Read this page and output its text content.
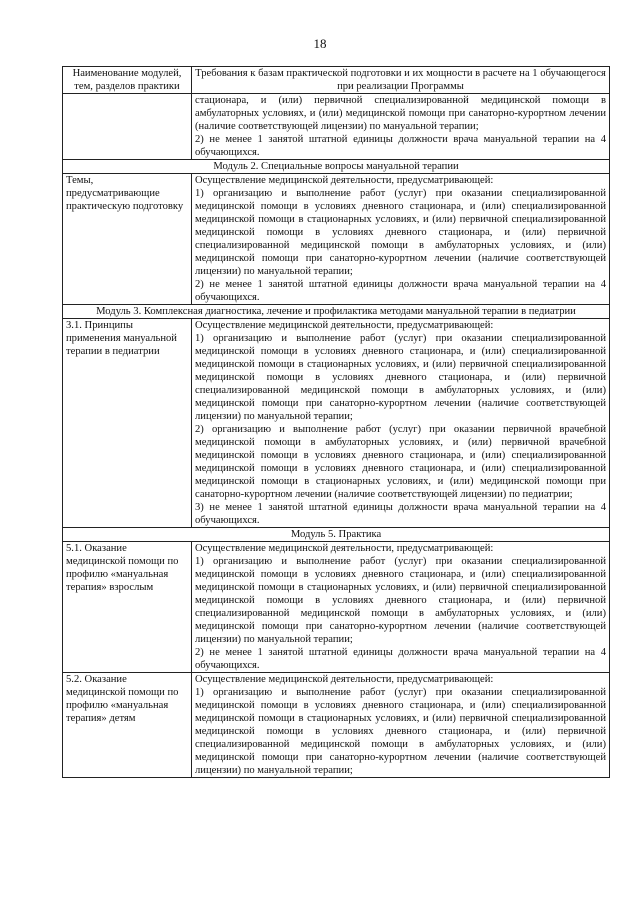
18
Наименование модулей, тем, разделов практики	Требования к базам практической подготовки и их мощности в расчете на 1 обучающегося при реализации Программы

	стационара, и (или) первичной специализированной медицинской помощи в амбулаторных условиях, и (или) медицинской помощи при санаторно-курортном лечении (наличие соответствующей лицензии) по мануальной терапии;

2) не менее 1 занятой штатной единицы должности врача мануальной терапии на 4 обучающихся.

Модуль 2. Специальные вопросы мануальной терапии	
Темы, предусматривающие практическую подготовку	Осуществление медицинской деятельности, предусматривающей:

1) организацию и выполнение работ (услуг) при оказании специализированной медицинской помощи в условиях дневного стационара, и (или) специализированной медицинской помощи в стационарных условиях, и (или) первичной специализированной медицинской помощи в условиях дневного стационара, и (или) первичной специализированной медицинской помощи в амбулаторных условиях, и (или) медицинской помощи при санаторно-курортном лечении (наличие соответствующей лицензии) по мануальной терапии;

2) не менее 1 занятой штатной единицы должности врача мануальной терапии на 4 обучающихся.

Модуль 3. Комплексная диагностика, лечение и профилактика методами мануальной терапии в педиатрии	
3.1. Принципы применения мануальной терапии в педиатрии	Осуществление медицинской деятельности, предусматривающей:

1) организацию и выполнение работ (услуг) при оказании специализированной медицинской помощи в условиях дневного стационара, и (или) специализированной медицинской помощи в стационарных условиях, и (или) первичной специализированной медицинской помощи в условиях дневного стационара, и (или) первичной специализированной медицинской помощи в амбулаторных условиях, и (или) медицинской помощи при санаторно-курортном лечении (наличие соответствующей лицензии) по мануальной терапии;

2) организацию и выполнение работ (услуг) при оказании первичной врачебной медицинской помощи в амбулаторных условиях, и (или) первичной врачебной медицинской помощи в условиях дневного стационара, и (или) специализированной медицинской помощи в условиях дневного стационара, и (или) специализированной медицинской помощи в стационарных условиях, и (или) медицинской помощи при санаторно-курортном лечении (наличие соответствующей лицензии) по педиатрии;

3) не менее 1 занятой штатной единицы должности врача мануальной терапии на 4 обучающихся.

Модуль 5. Практика	
5.1. Оказание медицинской помощи по профилю «мануальная терапия» взрослым	Осуществление медицинской деятельности, предусматривающей:

1) организацию и выполнение работ (услуг) при оказании специализированной медицинской помощи в условиях дневного стационара, и (или) специализированной медицинской помощи в стационарных условиях, и (или) первичной специализированной медицинской помощи в условиях дневного стационара, и (или) первичной специализированной медицинской помощи в амбулаторных условиях, и (или) медицинской помощи при санаторно-курортном лечении (наличие соответствующей лицензии) по мануальной терапии;

2) не менее 1 занятой штатной единицы должности врача мануальной терапии на 4 обучающихся.

5.2. Оказание медицинской помощи по профилю «мануальная терапия» детям	Осуществление медицинской деятельности, предусматривающей:

1) организацию и выполнение работ (услуг) при оказании специализированной медицинской помощи в условиях дневного стационара, и (или) специализированной медицинской помощи в стационарных условиях, и (или) первичной специализированной медицинской помощи в условиях дневного стационара, и (или) первичной специализированной медицинской помощи в амбулаторных условиях, и (или) медицинской помощи при санаторно-курортном лечении (наличие соответствующей лицензии) по мануальной терапии;
